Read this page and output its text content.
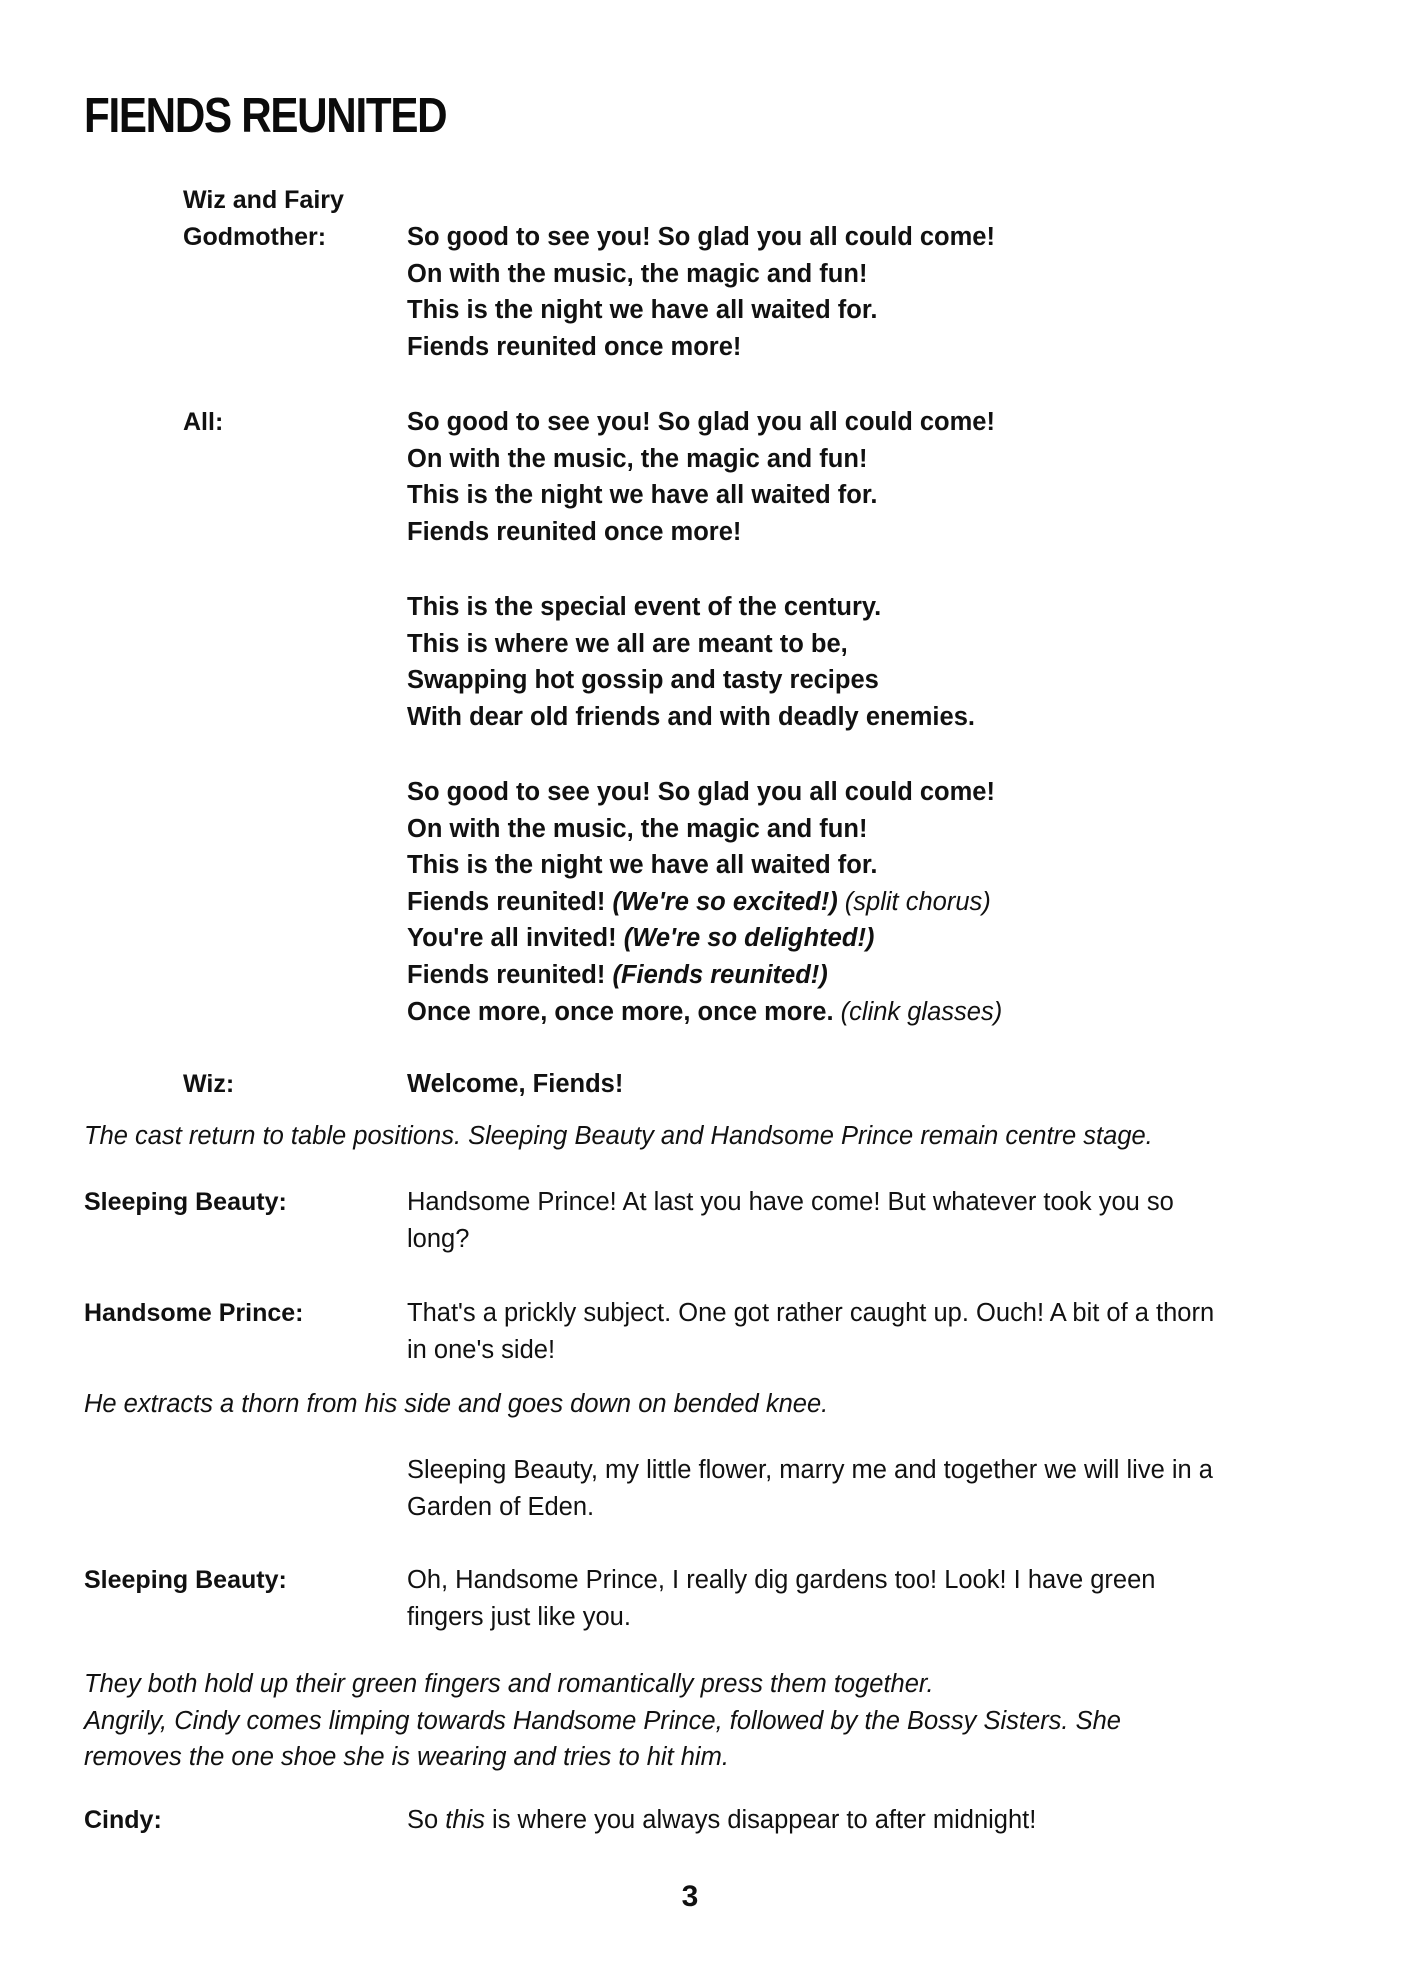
FIENDS REUNITED
Wiz and Fairy
Godmother:	So good to see you! So glad you all could come!
On with the music, the magic and fun!
This is the night we have all waited for.
Fiends reunited once more!
All:	So good to see you! So glad you all could come!
On with the music, the magic and fun!
This is the night we have all waited for.
Fiends reunited once more!
This is the special event of the century.
This is where we all are meant to be,
Swapping hot gossip and tasty recipes
With dear old friends and with deadly enemies.
So good to see you! So glad you all could come!
On with the music, the magic and fun!
This is the night we have all waited for.
Fiends reunited! (We're so excited!) (split chorus)
You're all invited! (We're so delighted!)
Fiends reunited! (Fiends reunited!)
Once more, once more, once more. (clink glasses)
Wiz:	Welcome, Fiends!
The cast return to table positions. Sleeping Beauty and Handsome Prince remain centre stage.
Sleeping Beauty:	Handsome Prince! At last you have come! But whatever took you so
long?
Handsome Prince:	That's a prickly subject. One got rather caught up. Ouch! A bit of a thorn
in one's side!
He extracts a thorn from his side and goes down on bended knee.
Sleeping Beauty, my little flower, marry me and together we will live in a
Garden of Eden.
Sleeping Beauty:	Oh, Handsome Prince, I really dig gardens too! Look! I have green
fingers just like you.
They both hold up their green fingers and romantically press them together.
Angrily, Cindy comes limping towards Handsome Prince, followed by the Bossy Sisters. She
removes the one shoe she is wearing and tries to hit him.
Cindy:	So this is where you always disappear to after midnight!
3
